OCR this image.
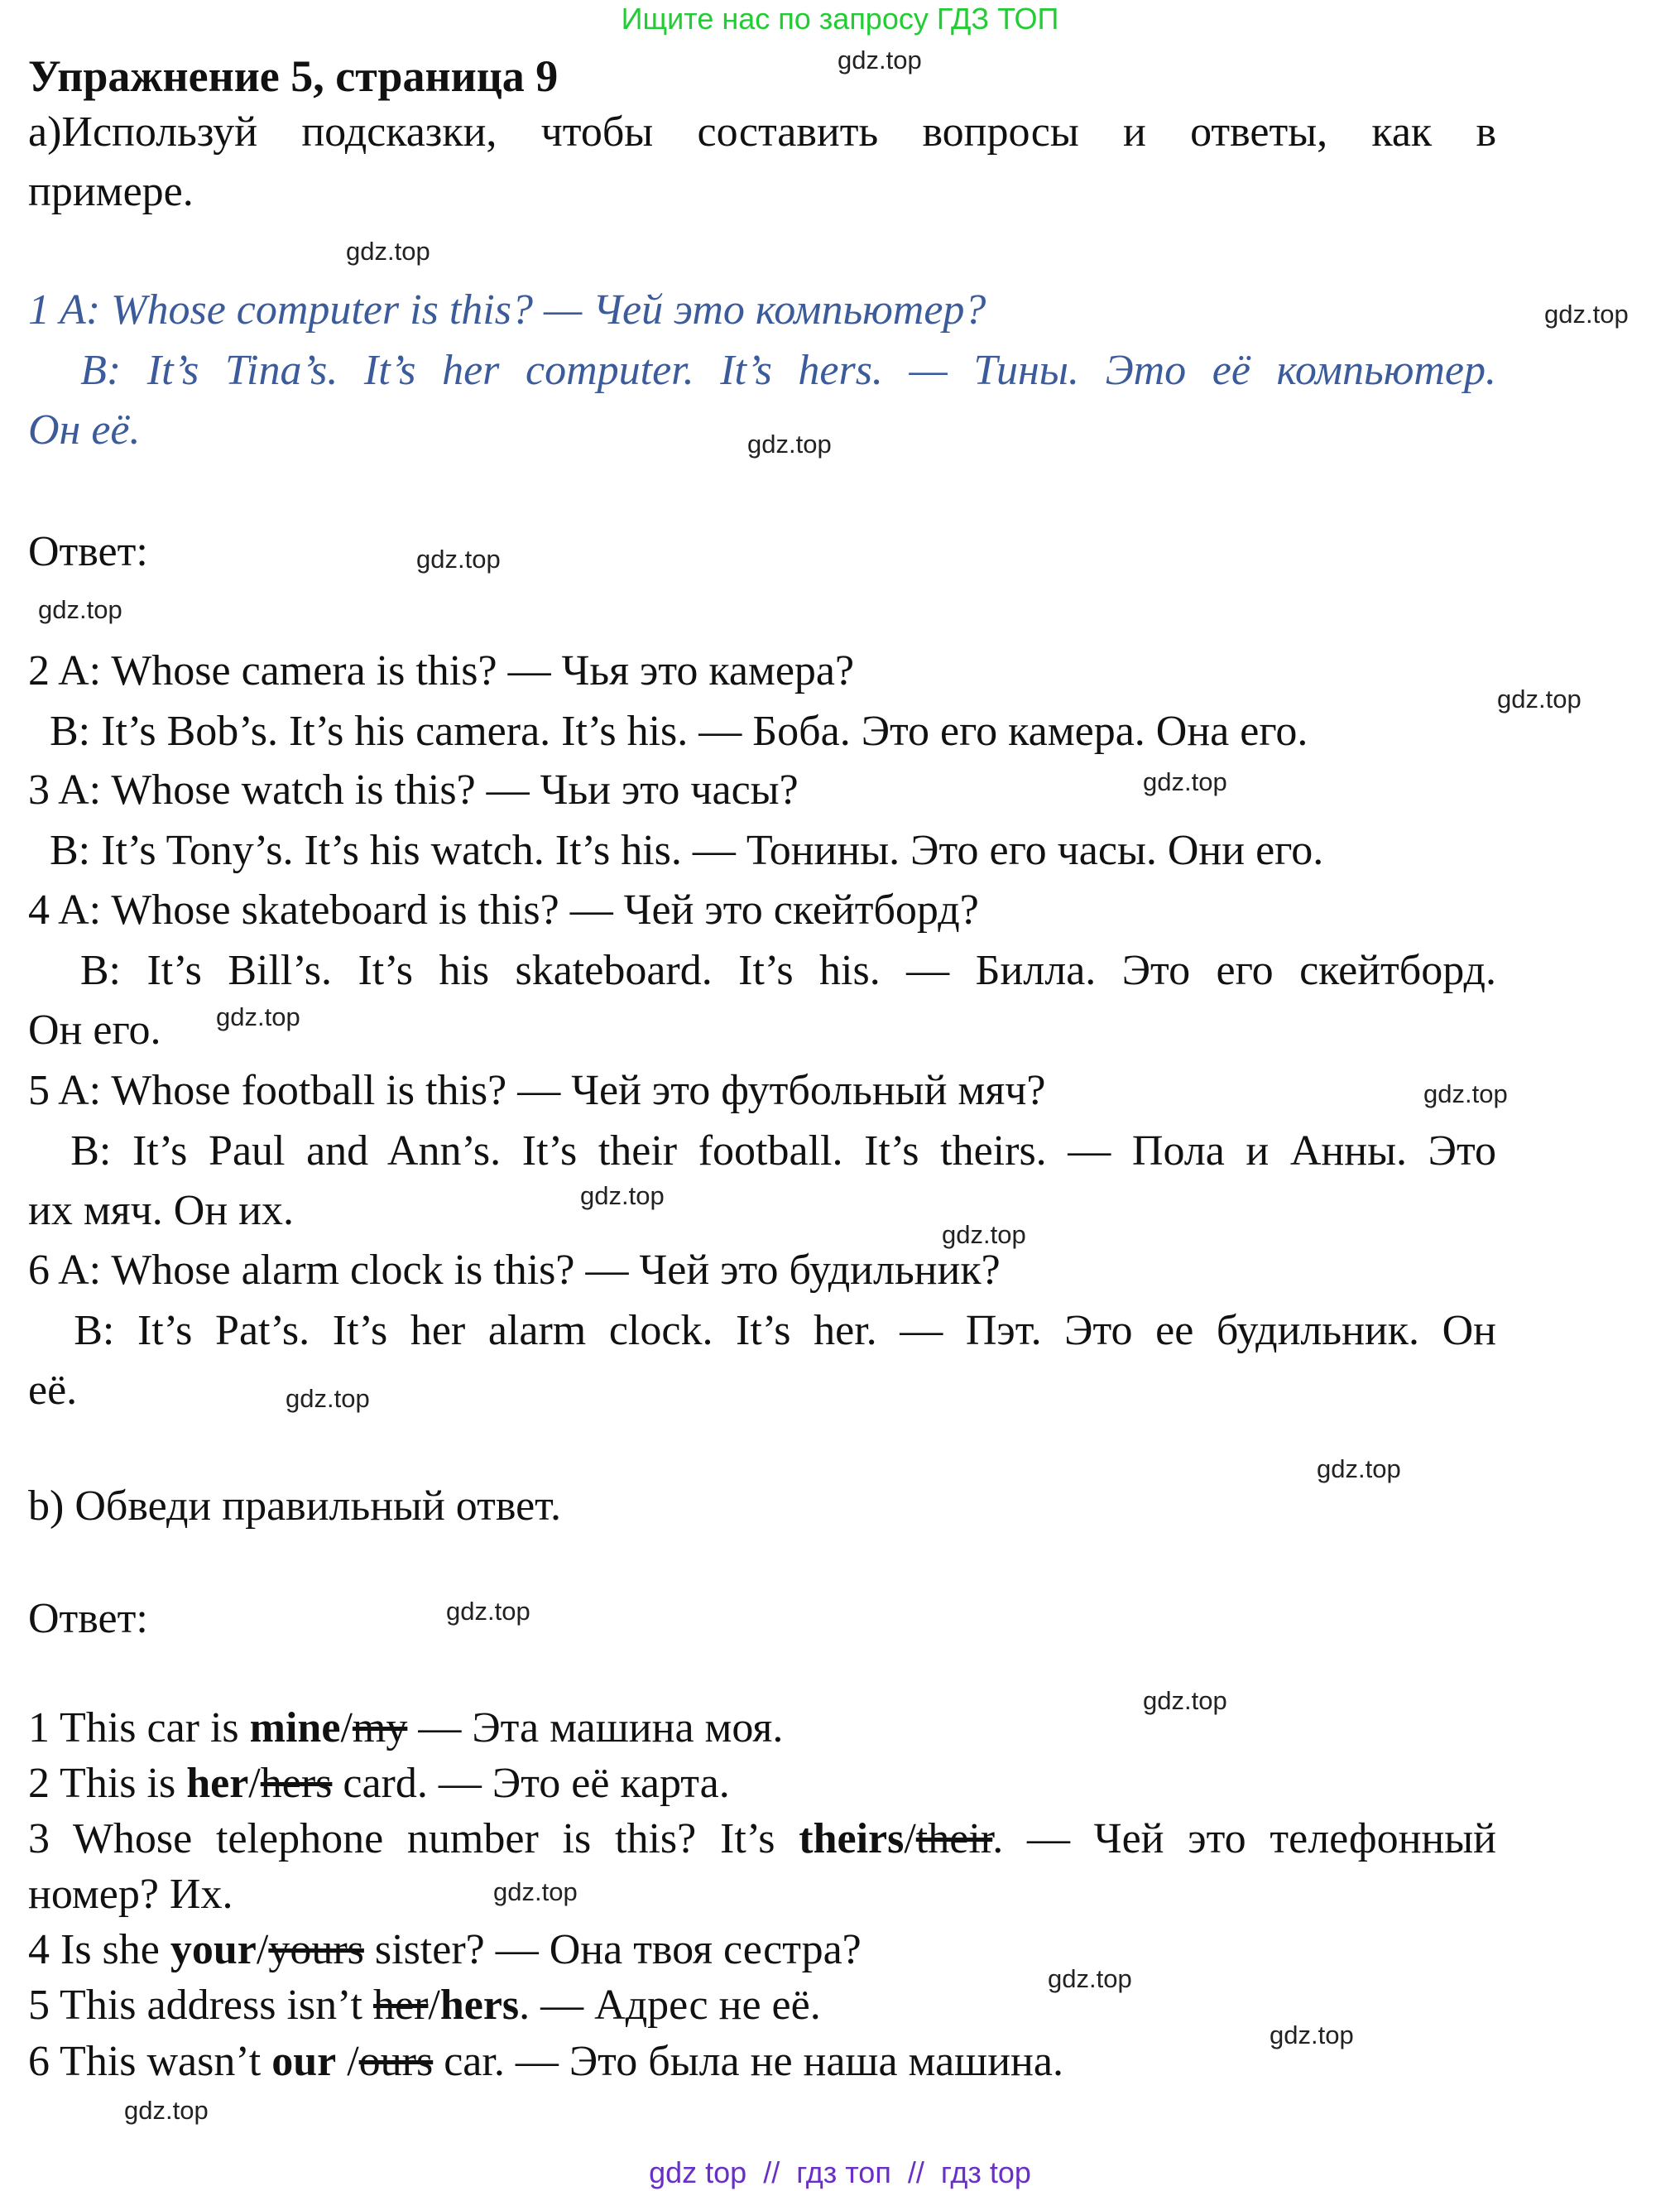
Ищите нас по запросу ГДЗ ТОП
Упражнение 5, страница 9
а)Используй подсказки, чтобы составить вопросы и ответы, как в
примере.
1 A: Whose computer is this? — Чей это компьютер?
B: It’s Tina’s. It’s her computer. It’s hers. — Тины. Это её компьютер.
Он её.
Ответ:
2 A: Whose camera is this? — Чья это камера?
B: It’s Bob’s. It’s his camera. It’s his. — Боба. Это его камера. Она его.
3 A: Whose watch is this? — Чьи это часы?
B: It’s Tony’s. It’s his watch. It’s his. — Тонины. Это его часы. Они его.
4 A: Whose skateboard is this? — Чей это скейтборд?
B: It’s Bill’s. It’s his skateboard. It’s his. — Билла. Это его скейтборд.
Он его.
5 A: Whose football is this? — Чей это футбольный мяч?
B: It’s Paul and Ann’s. It’s their football. It’s theirs. — Пола и Анны. Это
их мяч. Он их.
6 A: Whose alarm clock is this? — Чей это будильник?
B: It’s Pat’s. It’s her alarm clock. It’s her. — Пэт. Это ее будильник. Он
её.
b) Обведи правильный ответ.
Ответ:
1 This car is mine/my — Эта машина моя.
2 This is her/hers card. — Это её карта.
3 Whose telephone number is this? It’s theirs/their. — Чей это телефонный
номер? Их.
4 Is she your/yours sister? — Она твоя сестра?
5 This address isn’t her/hers. — Адрес не её.
6 This wasn’t our /ours car. — Это была не наша машина.
gdz.top
gdz.top
gdz.top
gdz.top
gdz.top
gdz.top
gdz.top
gdz.top
gdz.top
gdz.top
gdz.top
gdz.top
gdz.top
gdz.top
gdz.top
gdz.top
gdz.top
gdz.top
gdz.top
gdz.top
gdz top  //  гдз топ  //  гдз top
